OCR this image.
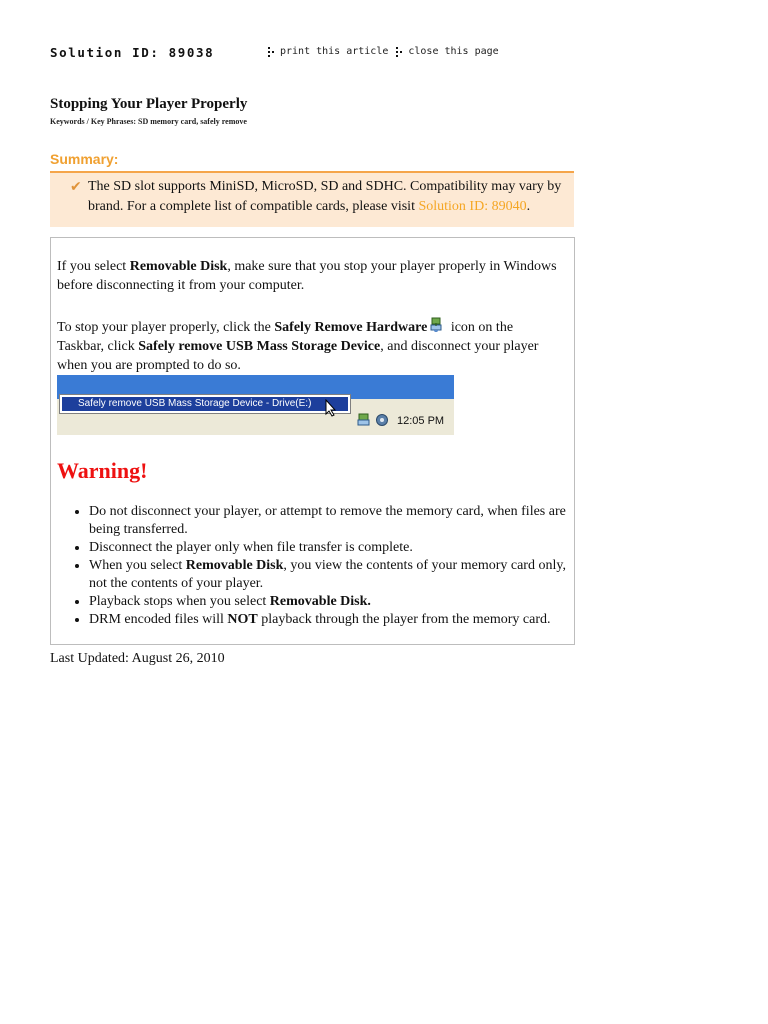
Solution ID: 89038	print this article close this page
Stopping Your Player Properly
Keywords / Key Phrases: SD memory card, safely remove
Summary:
✔ The SD slot supports MiniSD, MicroSD, SD and SDHC. Compatibility may vary by brand. For a complete list of compatible cards, please visit Solution ID: 89040.

If you select Removable Disk, make sure that you stop your player properly in Windows before disconnecting it from your computer.

To stop your player properly, click the Safely Remove Hardware icon on the Taskbar, click Safely remove USB Mass Storage Device, and disconnect your player when you are prompted to do so.

Safely remove USB Mass Storage Device - Drive(E:)
12:05 PM
Warning!
• Do not disconnect your player, or attempt to remove the memory card, when files are being transferred.
• Disconnect the player only when file transfer is complete.
• When you select Removable Disk, you view the contents of your memory card only, not the contents of your player.
• Playback stops when you select Removable Disk.
• DRM encoded files will NOT playback through the player from the memory card.
Last Updated: August 26, 2010
